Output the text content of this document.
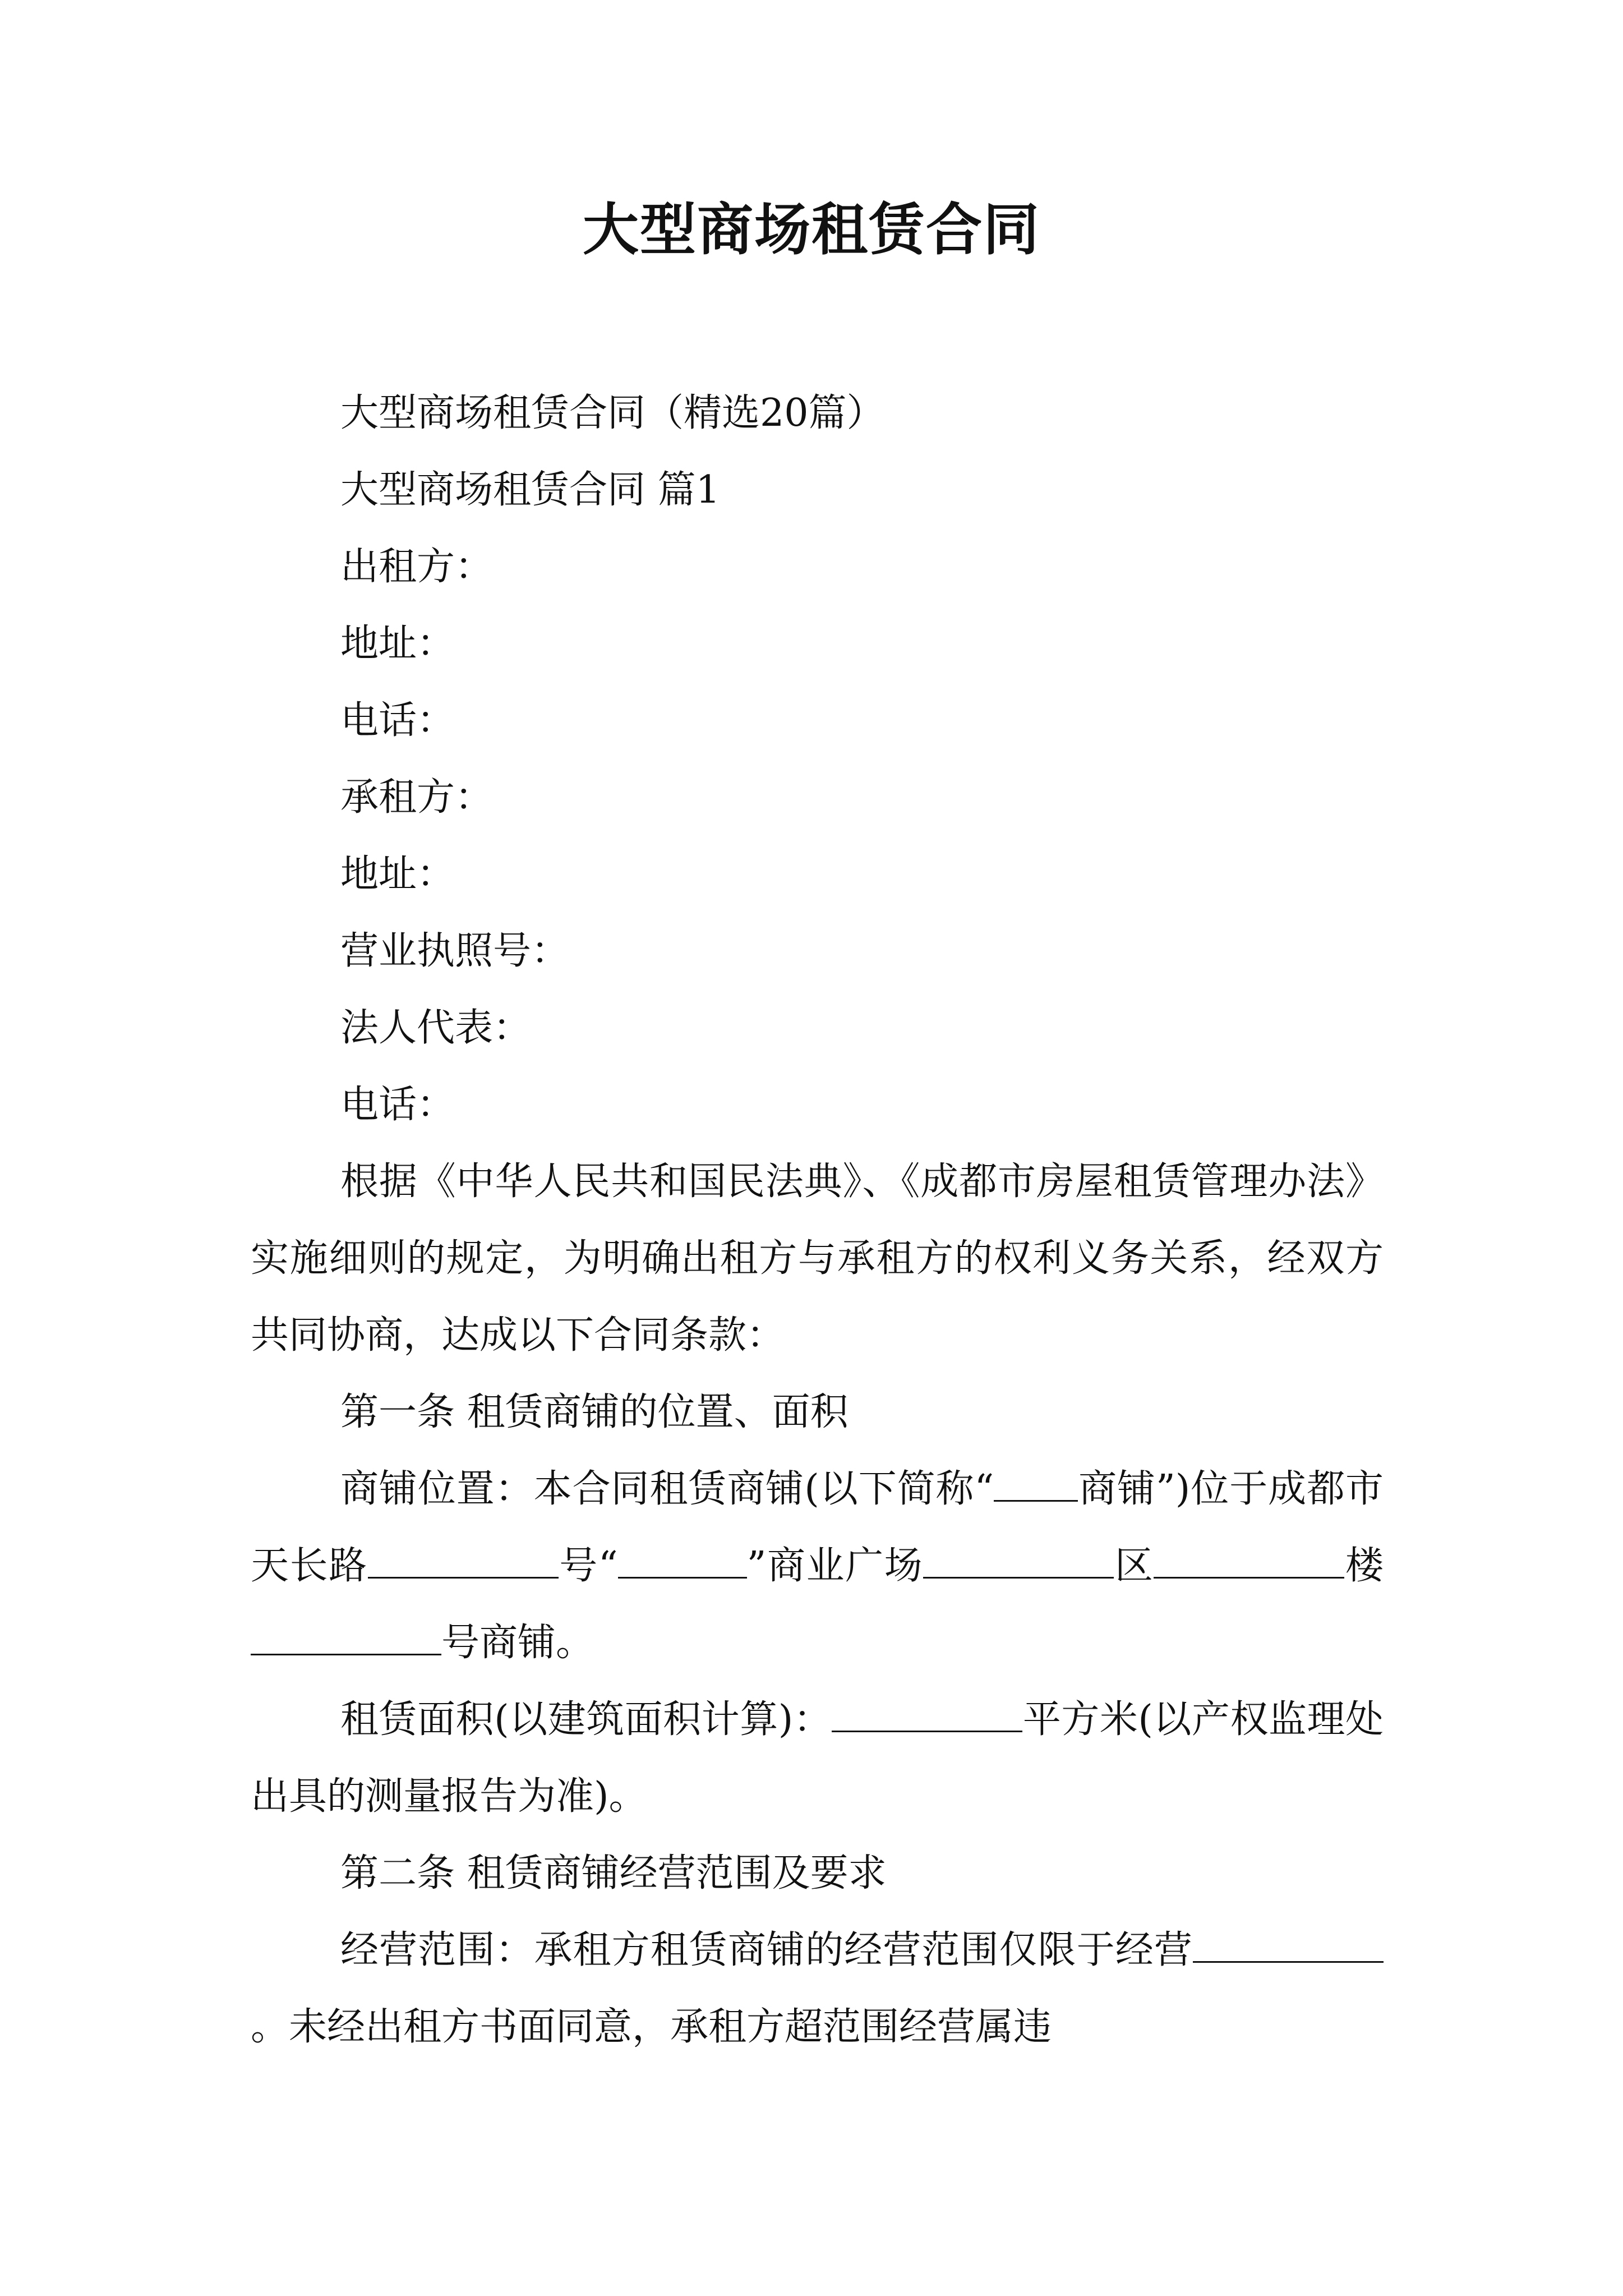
大型商场租赁合同

大型商场租赁合同（精选20篇）

大型商场租赁合同 篇1

出租方：

地址：

电话：

承租方：

地址：

营业执照号：

法人代表：

电话：

根据《中华人民共和国民法典》、《成都市房屋租赁管理办法》实施细则的规定，为明确出租方与承租方的权利义务关系，经双方共同协商，达成以下合同条款：

第一条 租赁商铺的位置、面积

商铺位置：本合同租赁商铺(以下简称“ 商铺”)位于成都市天长路	号“	”商业广场	区	楼号商铺。

租赁面积(以建筑面积计算)：	平方米(以产权监理处出具的测量报告为准)。

第二条 租赁商铺经营范围及要求

经营范围：承租方租赁商铺的经营范围仅限于经营。未经出租方书面同意，承租方超范围经营属违
